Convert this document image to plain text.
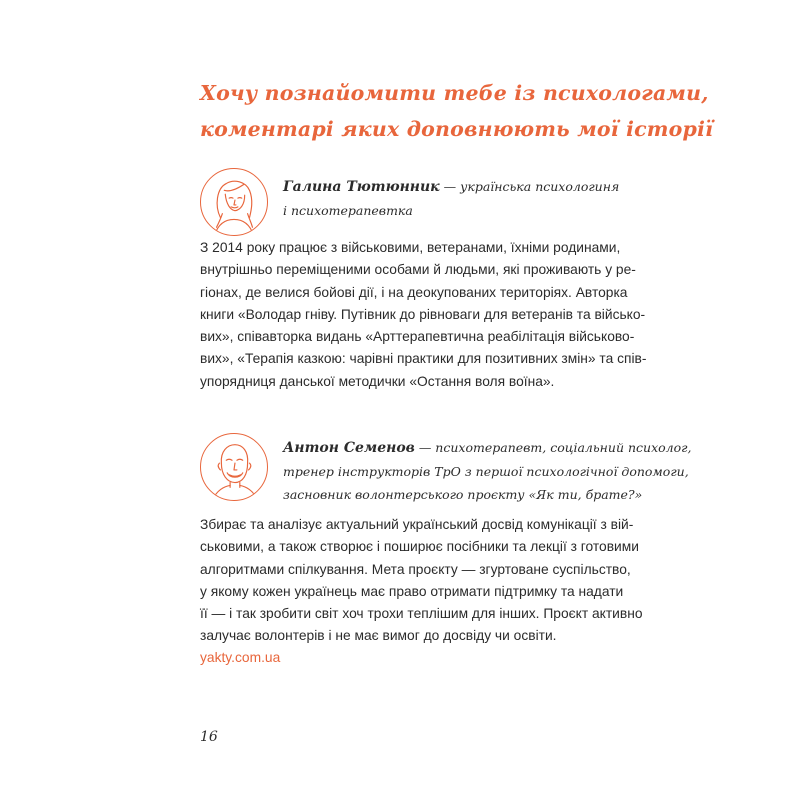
Хочу познайомити тебе із психологами,
коментарі яких доповнюють мої історії
Галина Тютюнник — українська психологиня
і психотерапевтка
З 2014 року працює з військовими, ветеранами, їхніми родинами,
внутрішньо переміщеними особами й людьми, які проживають у ре-
гіонах, де велися бойові дії, і на деокупованих територіях. Авторка
книги «Володар гніву. Путівник до рівноваги для ветеранів та військо-
вих», співавторка видань «Арттерапевтична реабілітація військово-
вих», «Терапія казкою: чарівні практики для позитивних змін» та спів-
упорядниця данської методички «Остання воля воїна».
Антон Семенов — психотерапевт, соціальний психолог,
тренер інструкторів ТрО з першої психологічної допомоги,
засновник волонтерського проєкту «Як ти, брате?»
Збирає та аналізує актуальний український досвід комунікації з вій-
ськовими, а також створює і поширює посібники та лекції з готовими
алгоритмами спілкування. Мета проєкту — згуртоване суспільство,
у якому кожен українець має право отримати підтримку та надати
її — і так зробити світ хоч трохи теплішим для інших. Проєкт активно
залучає волонтерів і не має вимог до досвіду чи освіти.
yakty.com.ua
16
